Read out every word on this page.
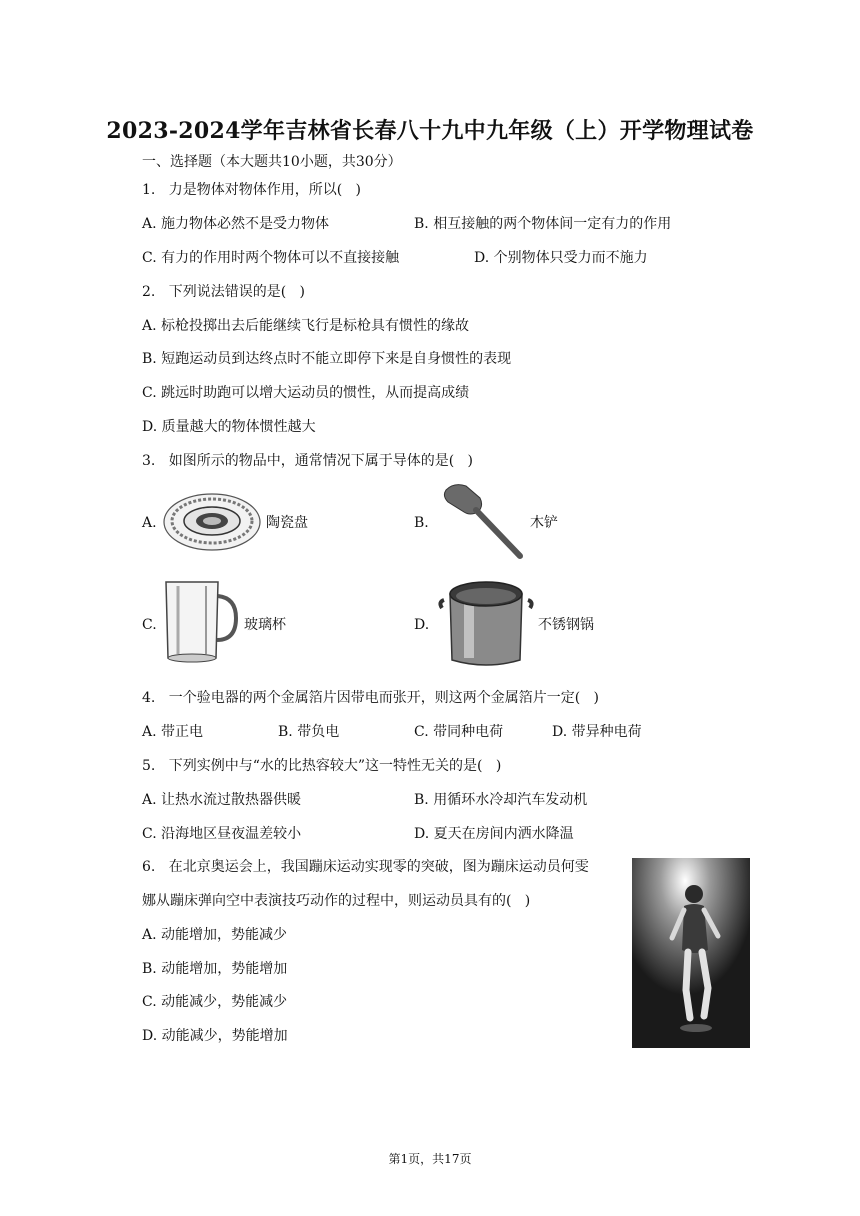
2023-2024学年吉林省长春八十九中九年级（上）开学物理试卷
一、选择题（本大题共10小题，共30分）
1.   力是物体对物体作用，所以(   )
A. 施力物体必然不是受力物体	B. 相互接触的两个物体间一定有力的作用
C. 有力的作用时两个物体可以不直接接触	D. 个别物体只受力而不施力
2.   下列说法错误的是(   )
A. 标枪投掷出去后能继续飞行是标枪具有惯性的缘故
B. 短跑运动员到达终点时不能立即停下来是自身惯性的表现
C. 跳远时助跑可以增大运动员的惯性，从而提高成绩
D. 质量越大的物体惯性越大
3.   如图所示的物品中，通常情况下属于导体的是(   )
A.	陶瓷盘	B.	木铲
C.	玻璃杯	D.	不锈钢锅
4.   一个验电器的两个金属箔片因带电而张开，则这两个金属箔片一定(   )
A. 带正电	B. 带负电	C. 带同种电荷	D. 带异种电荷
5.   下列实例中与“水的比热容较大”这一特性无关的是(   )
A. 让热水流过散热器供暖	B. 用循环水冷却汽车发动机
C. 沿海地区昼夜温差较小	D. 夏天在房间内洒水降温
6.   在北京奥运会上，我国蹦床运动实现零的突破，图为蹦床运动员何雯
娜从蹦床弹向空中表演技巧动作的过程中，则运动员具有的(   )
A. 动能增加，势能减少
B. 动能增加，势能增加
C. 动能减少，势能减少
D. 动能减少，势能增加
第1页，共17页
